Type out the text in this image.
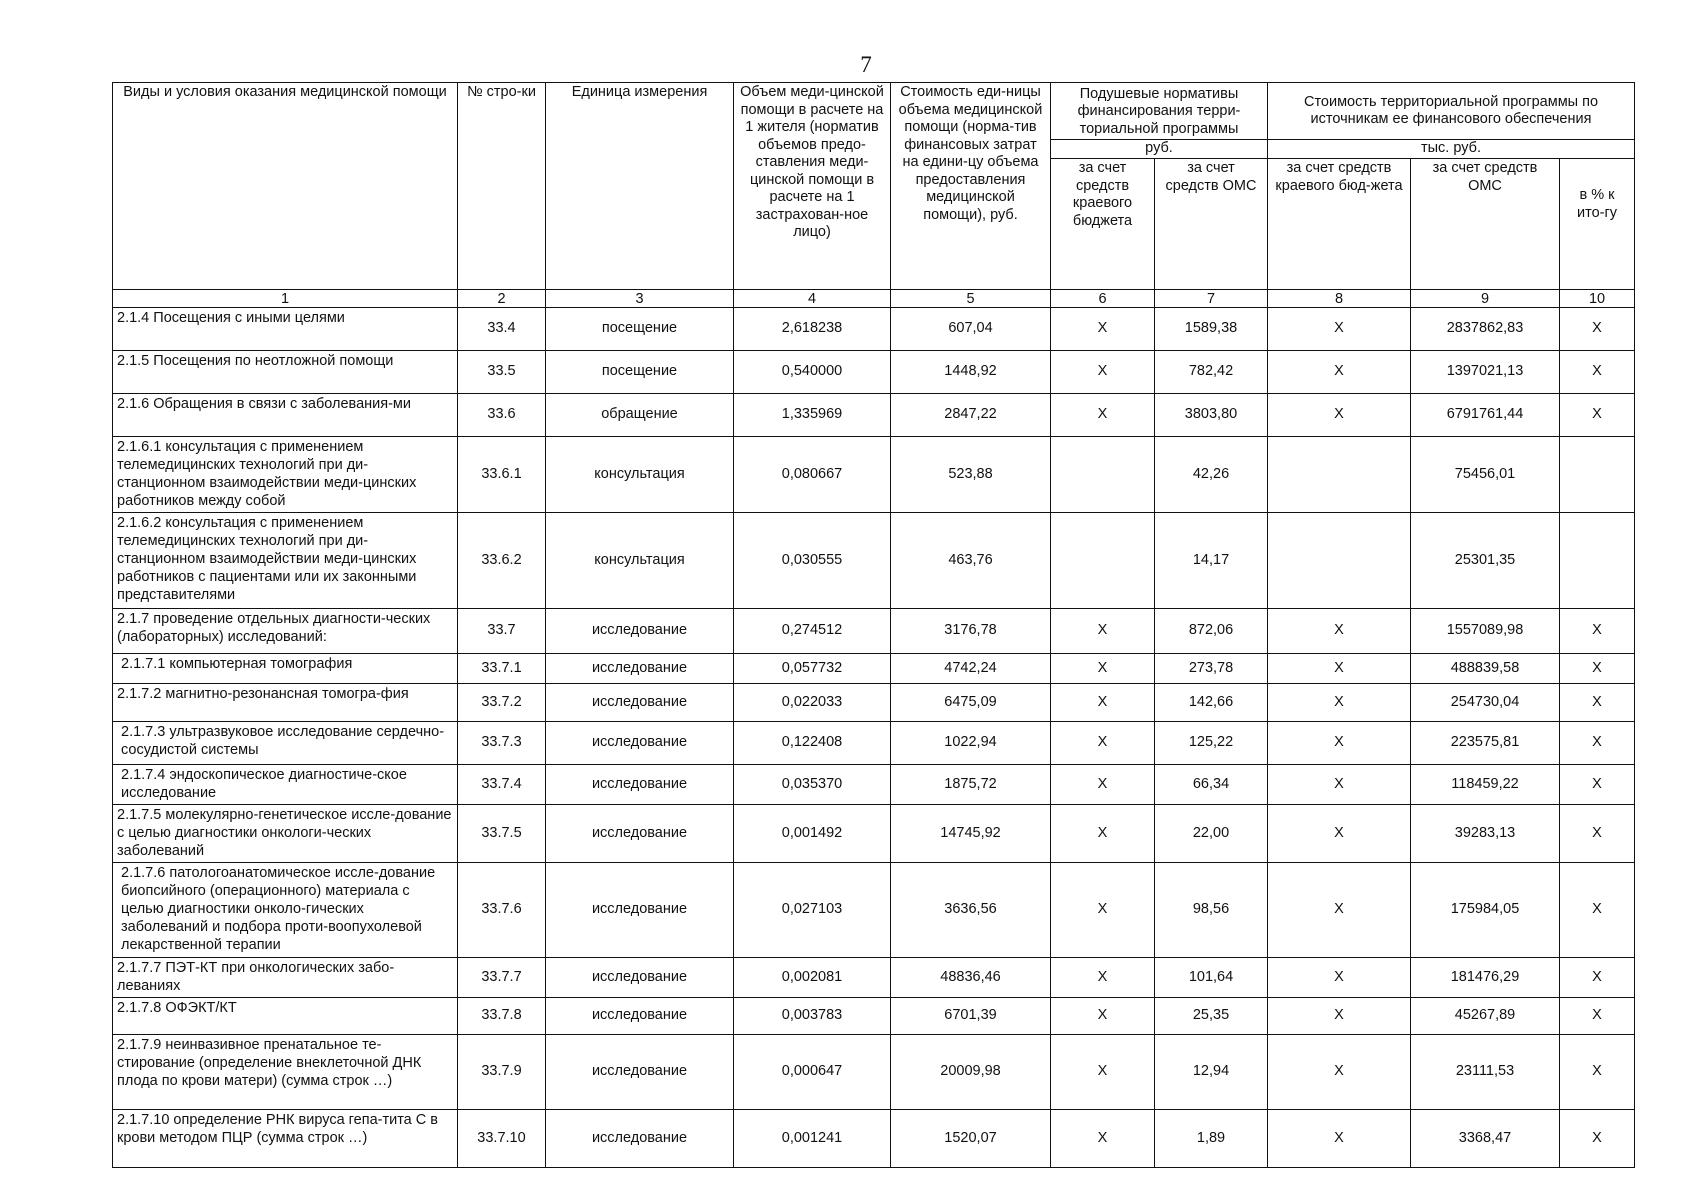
7
Виды и условия оказания медицинской помощи	№ стро-ки	Единица измерения	Объем меди-цинской помощи в расчете на 1 жителя (норматив объемов предо-ставления меди-цинской помощи в расчете на 1 застрахован-ное лицо)	Стоимость еди-ницы объема медицинской помощи (норма-тив финансовых затрат на едини-цу объема предоставления медицинской помощи), руб.	Подушевые нормативы финансирования терри-ториальной программы		Стоимость территориальной программы по источникам ее финансового обеспечения		
					руб.		тыс. руб.		
					за счет средств краевого бюджета	за счет средств ОМС	за счет средств краевого бюд-жета	за счет средств ОМС	в % к ито-гу
1	2	3	4	5	6	7	8	9	10
2.1.4 Посещения с иными целями	33.4	посещение	2,618238	607,04	Х	1589,38	Х	2837862,83	Х
2.1.5 Посещения по неотложной помощи	33.5	посещение	0,540000	1448,92	Х	782,42	Х	1397021,13	Х
2.1.6 Обращения в связи с заболевания-ми	33.6	обращение	1,335969	2847,22	Х	3803,80	Х	6791761,44	Х
2.1.6.1 консультация с применением телемедицинских технологий при ди-станционном взаимодействии меди-цинских работников между собой	33.6.1	консультация	0,080667	523,88		42,26		75456,01	
2.1.6.2 консультация с применением телемедицинских технологий при ди-станционном взаимодействии меди-цинских работников с пациентами или их законными представителями	33.6.2	консультация	0,030555	463,76		14,17		25301,35	
2.1.7 проведение отдельных диагности-ческих (лабораторных) исследований:	33.7	исследование	0,274512	3176,78	Х	872,06	Х	1557089,98	Х
2.1.7.1 компьютерная томография	33.7.1	исследование	0,057732	4742,24	Х	273,78	Х	488839,58	Х
2.1.7.2 магнитно-резонансная томогра-фия	33.7.2	исследование	0,022033	6475,09	Х	142,66	Х	254730,04	Х
2.1.7.3 ультразвуковое исследование сердечно-сосудистой системы	33.7.3	исследование	0,122408	1022,94	Х	125,22	Х	223575,81	Х
2.1.7.4 эндоскопическое диагностиче-ское исследование	33.7.4	исследование	0,035370	1875,72	Х	66,34	Х	118459,22	Х
2.1.7.5 молекулярно-генетическое иссле-дование с целью диагностики онкологи-ческих заболеваний	33.7.5	исследование	0,001492	14745,92	Х	22,00	Х	39283,13	Х
2.1.7.6 патологоанатомическое иссле-дование биопсийного (операционного) материала с целью диагностики онколо-гических заболеваний и подбора проти-воопухолевой лекарственной терапии	33.7.6	исследование	0,027103	3636,56	Х	98,56	Х	175984,05	Х
2.1.7.7 ПЭТ-КТ при онкологических забо-леваниях	33.7.7	исследование	0,002081	48836,46	Х	101,64	Х	181476,29	Х
2.1.7.8 ОФЭКТ/КТ	33.7.8	исследование	0,003783	6701,39	Х	25,35	Х	45267,89	Х
2.1.7.9 неинвазивное пренатальное те-стирование (определение внеклеточной ДНК плода по крови матери) (сумма строк …)	33.7.9	исследование	0,000647	20009,98	Х	12,94	Х	23111,53	Х
2.1.7.10 определение РНК вируса гепа-тита С в крови методом ПЦР (сумма строк …)	33.7.10	исследование	0,001241	1520,07	Х	1,89	Х	3368,47	Х
